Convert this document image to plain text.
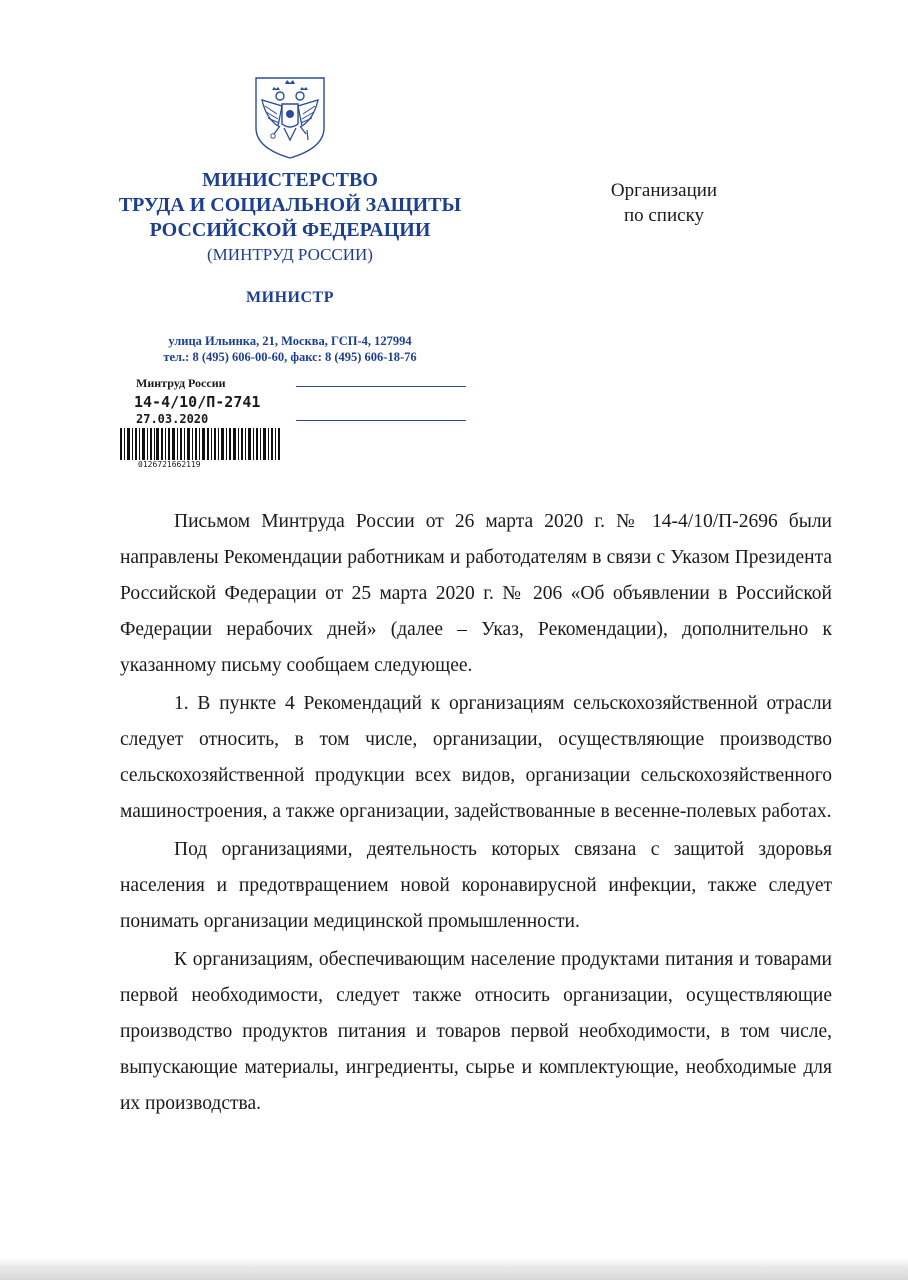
МИНИСТЕРСТВО

ТРУДА И СОЦИАЛЬНОЙ ЗАЩИТЫ

РОССИЙСКОЙ ФЕДЕРАЦИИ

(МИНТРУД РОССИИ)

МИНИСТР
улица Ильинка, 21, Москва, ГСП-4, 127994
тел.: 8 (495) 606-00-60, факс: 8 (495) 606-18-76
Организации
по списку
Минтруд России
14-4/10/П-2741
27.03.2020
0126721662119

Письмом Минтруда России от 26 марта 2020 г. № 14-4/10/П-2696 были направлены Рекомендации работникам и работодателям в связи с Указом Президента Российской Федерации от 25 марта 2020 г. № 206 «Об объявлении в Российской Федерации нерабочих дней» (далее – Указ, Рекомендации), дополнительно к указанному письму сообщаем следующее.

1. В пункте 4 Рекомендаций к организациям сельскохозяйственной отрасли следует относить, в том числе, организации, осуществляющие производство сельскохозяйственной продукции всех видов, организации сельскохозяйственного машиностроения, а также организации, задействованные в весенне-полевых работах.

Под организациями, деятельность которых связана с защитой здоровья населения и предотвращением новой коронавирусной инфекции, также следует понимать организации медицинской промышленности.

К организациям, обеспечивающим население продуктами питания и товарами первой необходимости, следует также относить организации, осуществляющие производство продуктов питания и товаров первой необходимости, в том числе, выпускающие материалы, ингредиенты, сырье и комплектующие, необходимые для их производства.
